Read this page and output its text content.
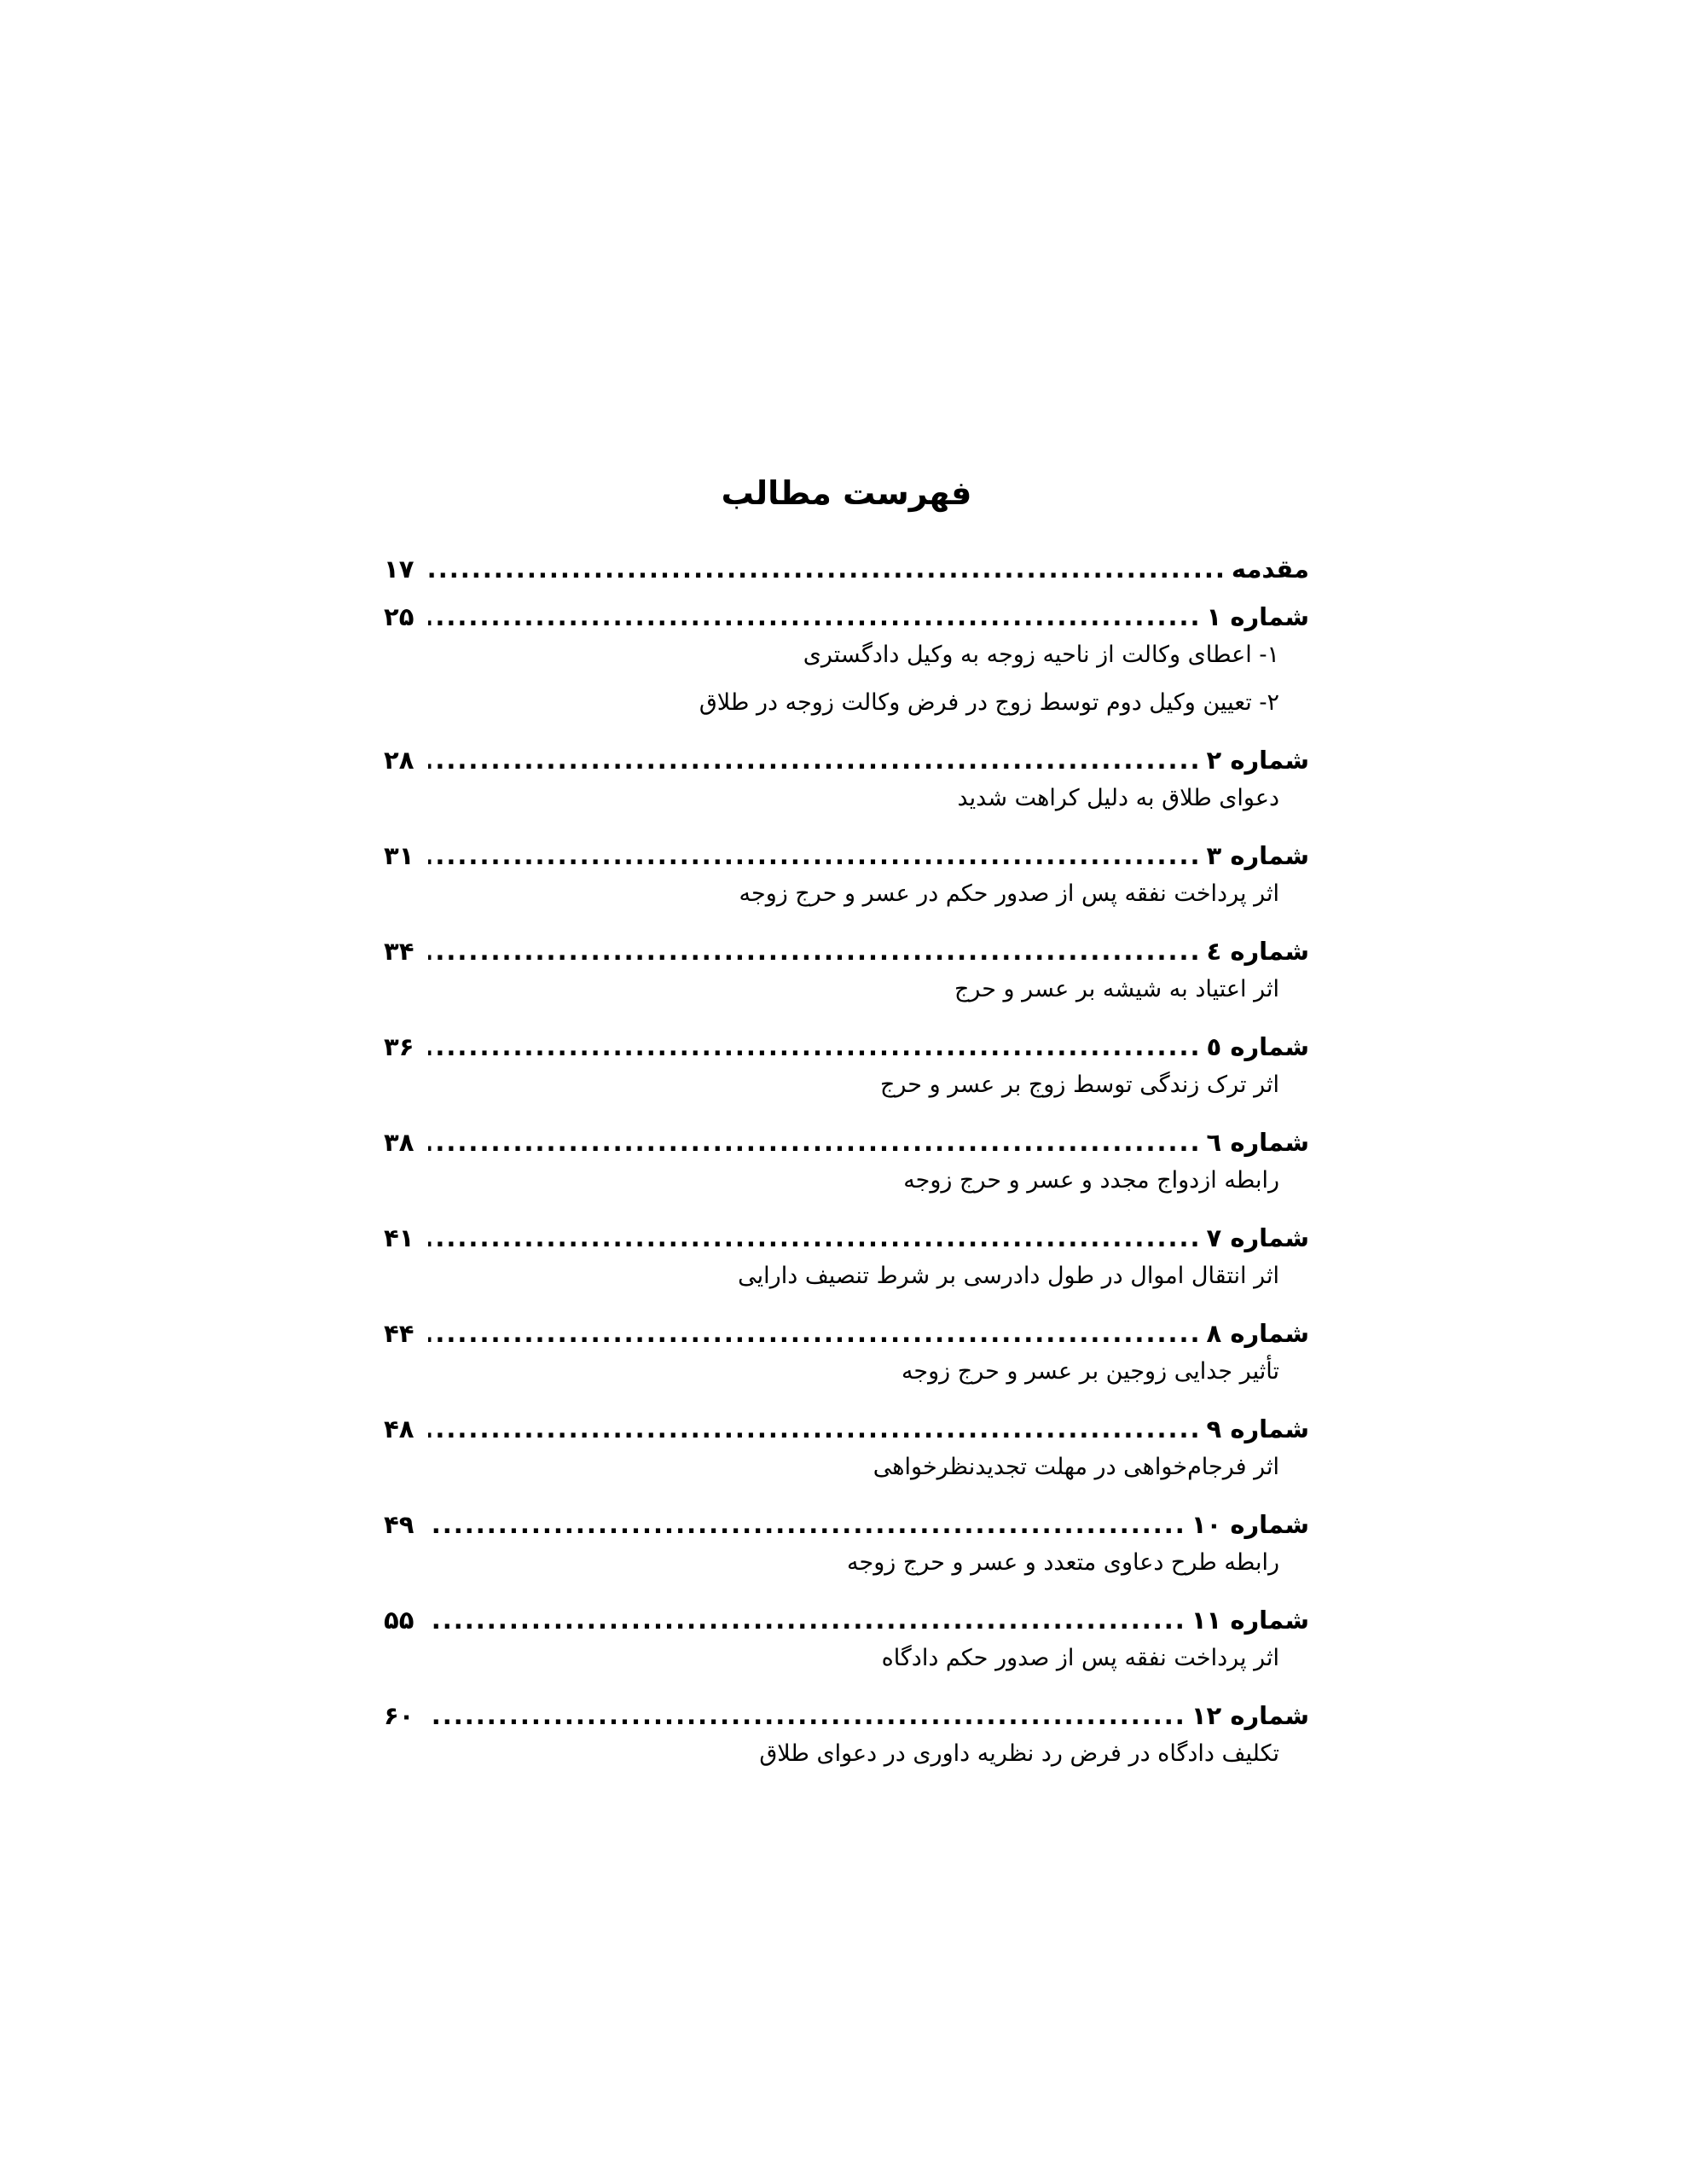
فهرست مطالب
مقدمه
.....
۱۷
شماره ۱
.....
۲۵
۱- اعطای وکالت از ناحیه زوجه به وکیل دادگستری
۲- تعیین وکیل دوم توسط زوج در فرض وکالت زوجه در طلاق
شماره ۲
.....
۲۸
دعوای طلاق به دلیل کراهت شدید
شماره ۳
.....
۳۱
اثر پرداخت نفقه پس از صدور حکم در عسر و حرج زوجه
شماره ٤
.....
۳۴
اثر اعتیاد به شیشه بر عسر و حرج
شماره ٥
.....
۳۶
اثر ترک زندگی توسط زوج بر عسر و حرج
شماره ٦
.....
۳۸
رابطه ازدواج مجدد و عسر و حرج زوجه
شماره ۷
.....
۴۱
اثر انتقال اموال در طول دادرسی بر شرط تنصیف دارایی
شماره ۸
.....
۴۴
تأثیر جدایی زوجین بر عسر و حرج زوجه
شماره ۹
.....
۴۸
اثر فرجام‌خواهی در مهلت تجدیدنظرخواهی
شماره ۱۰
.....
۴۹
رابطه طرح دعاوی متعدد و عسر و حرج زوجه
شماره ۱۱
.....
۵۵
اثر پرداخت نفقه پس از صدور حکم دادگاه
شماره ۱۲
.....
۶۰
تکلیف دادگاه در فرض رد نظریه داوری در دعوای طلاق
